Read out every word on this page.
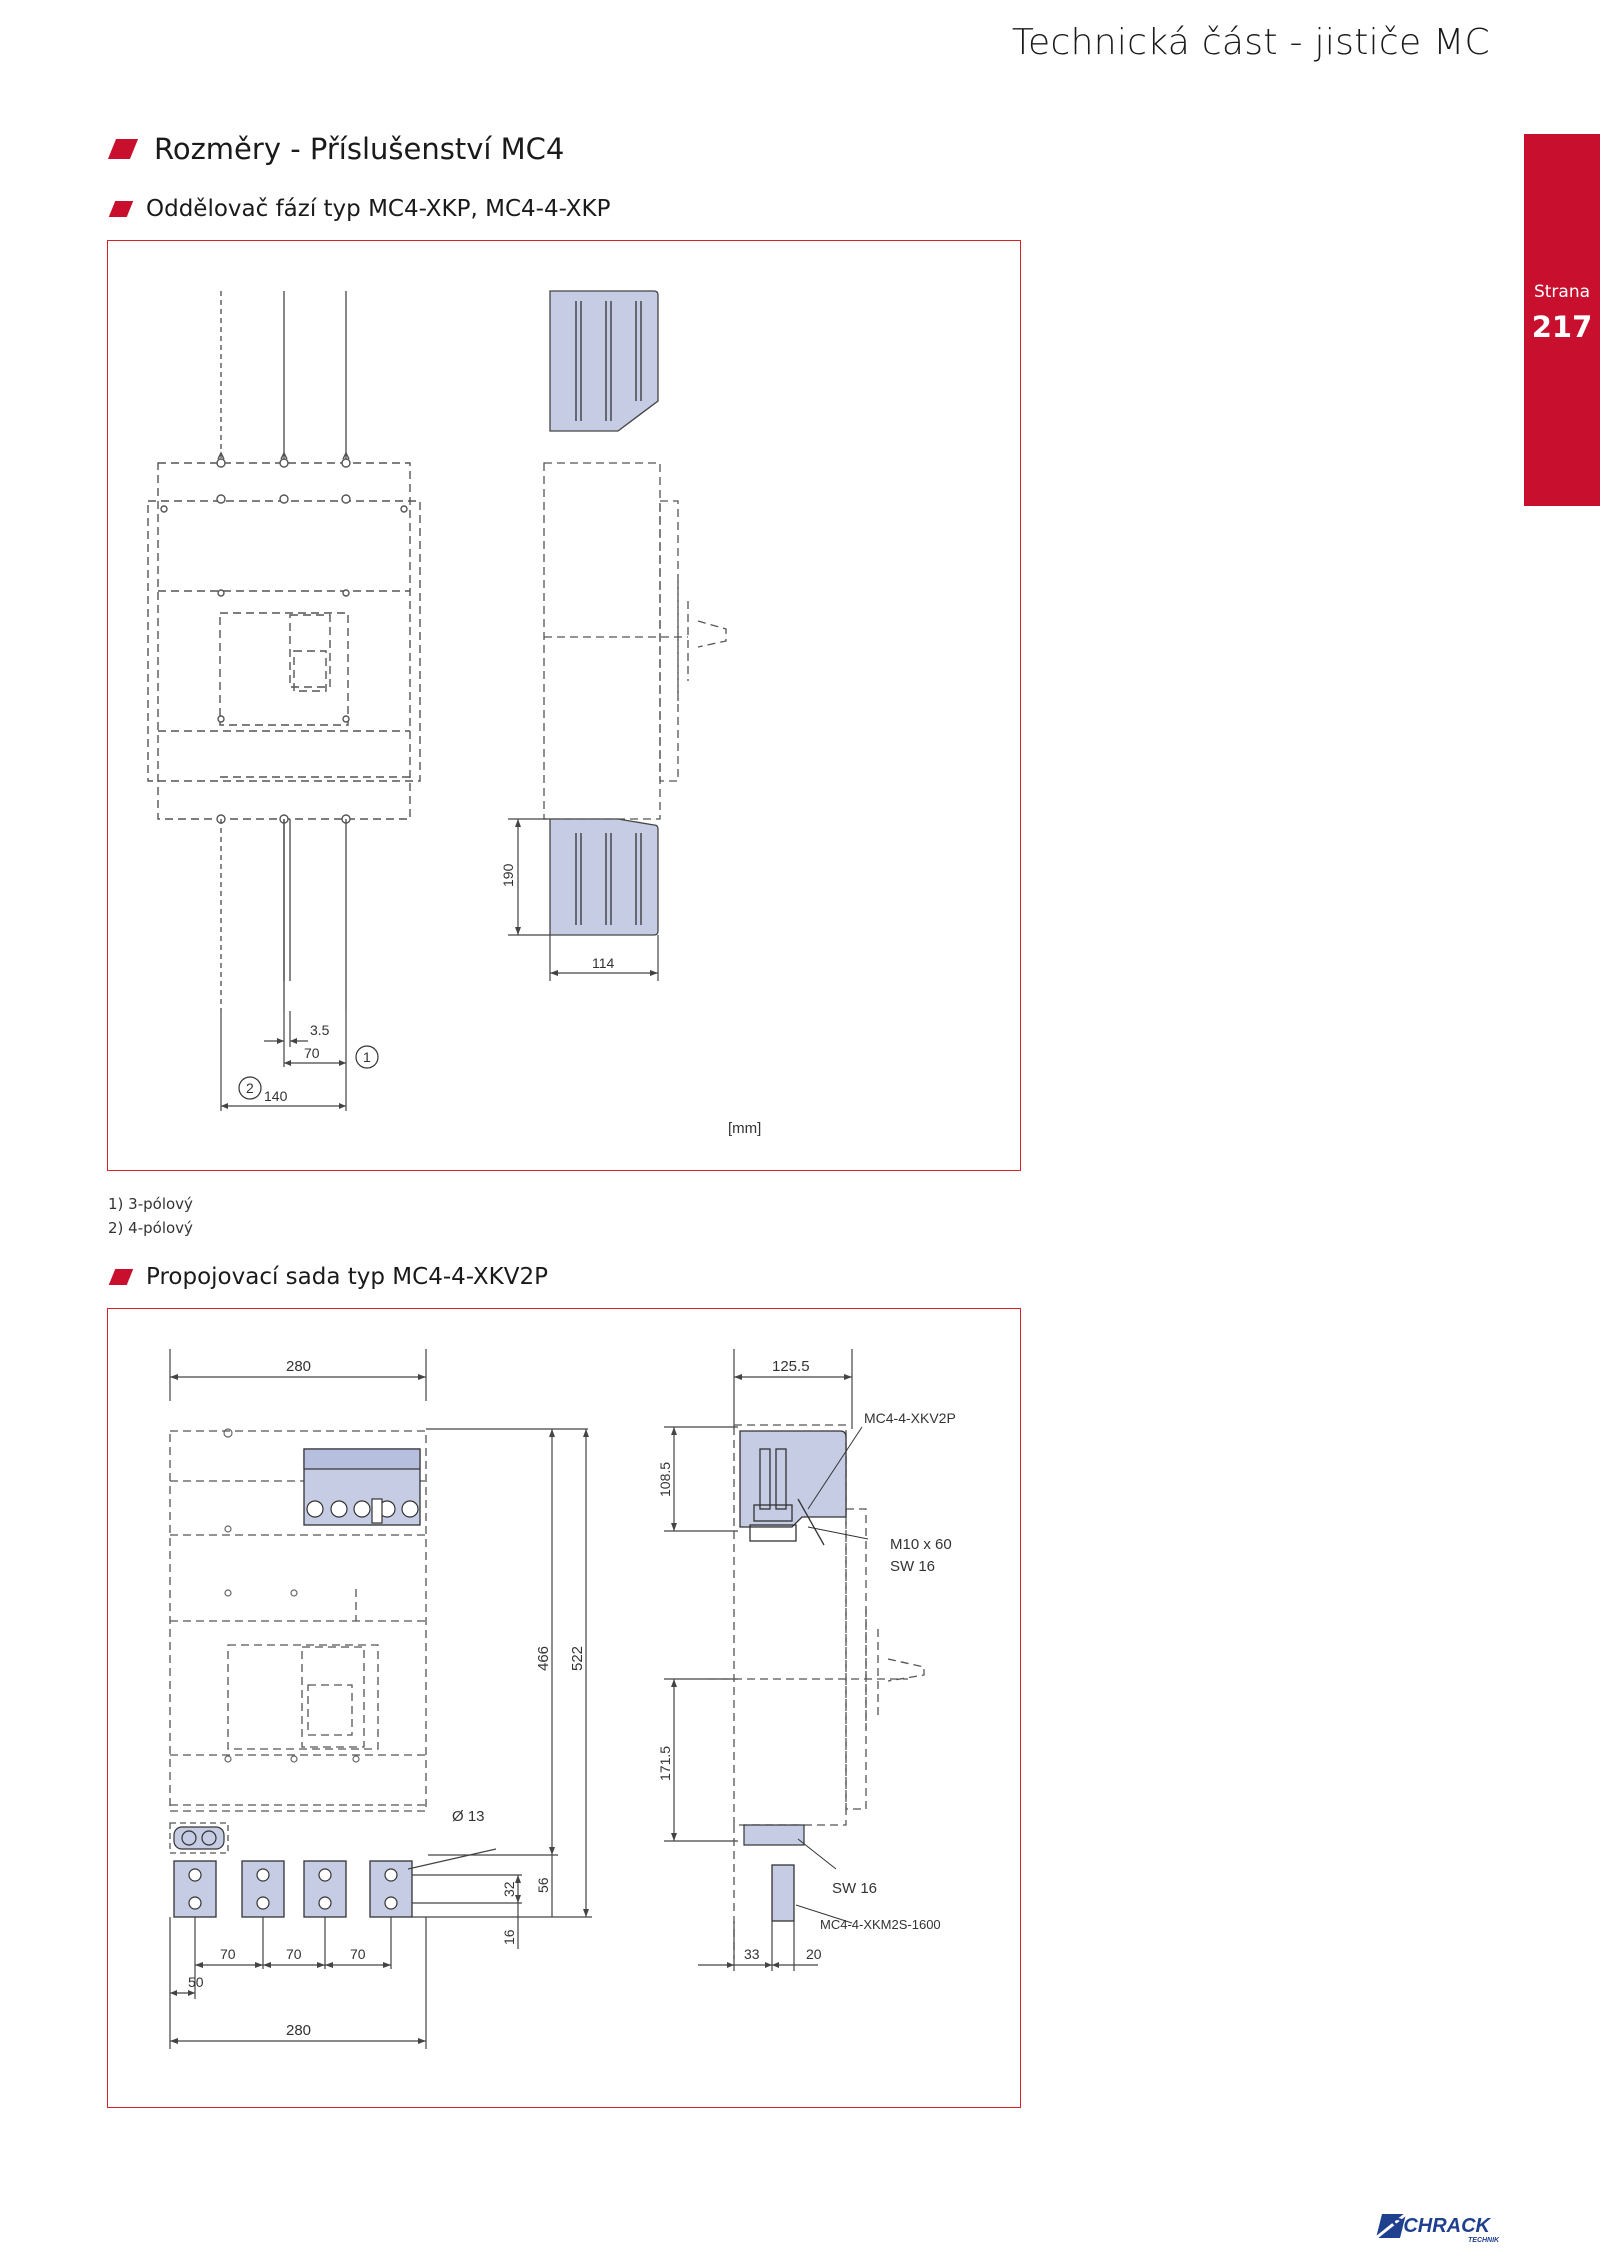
Technická část - jističe MC
Strana
217
Rozměry - Příslušenství MC4
Oddělovač fází typ MC4-XKP, MC4-4-XKP
3.5
70
140
1
2
190
114
[mm]
1) 3-pólový
2) 4-pólový
Propojovací sada typ MC4-4-XKV2P
280
466 522
32 56
16
Ø 13
70	70	70
50
280
125.5
108.5
171.5
MC4-4-XKV2P
M10 x 60
SW 16
SW 16
MC4-4-XKM2S-1600
33	20
SCHRACK
TECHNIK
